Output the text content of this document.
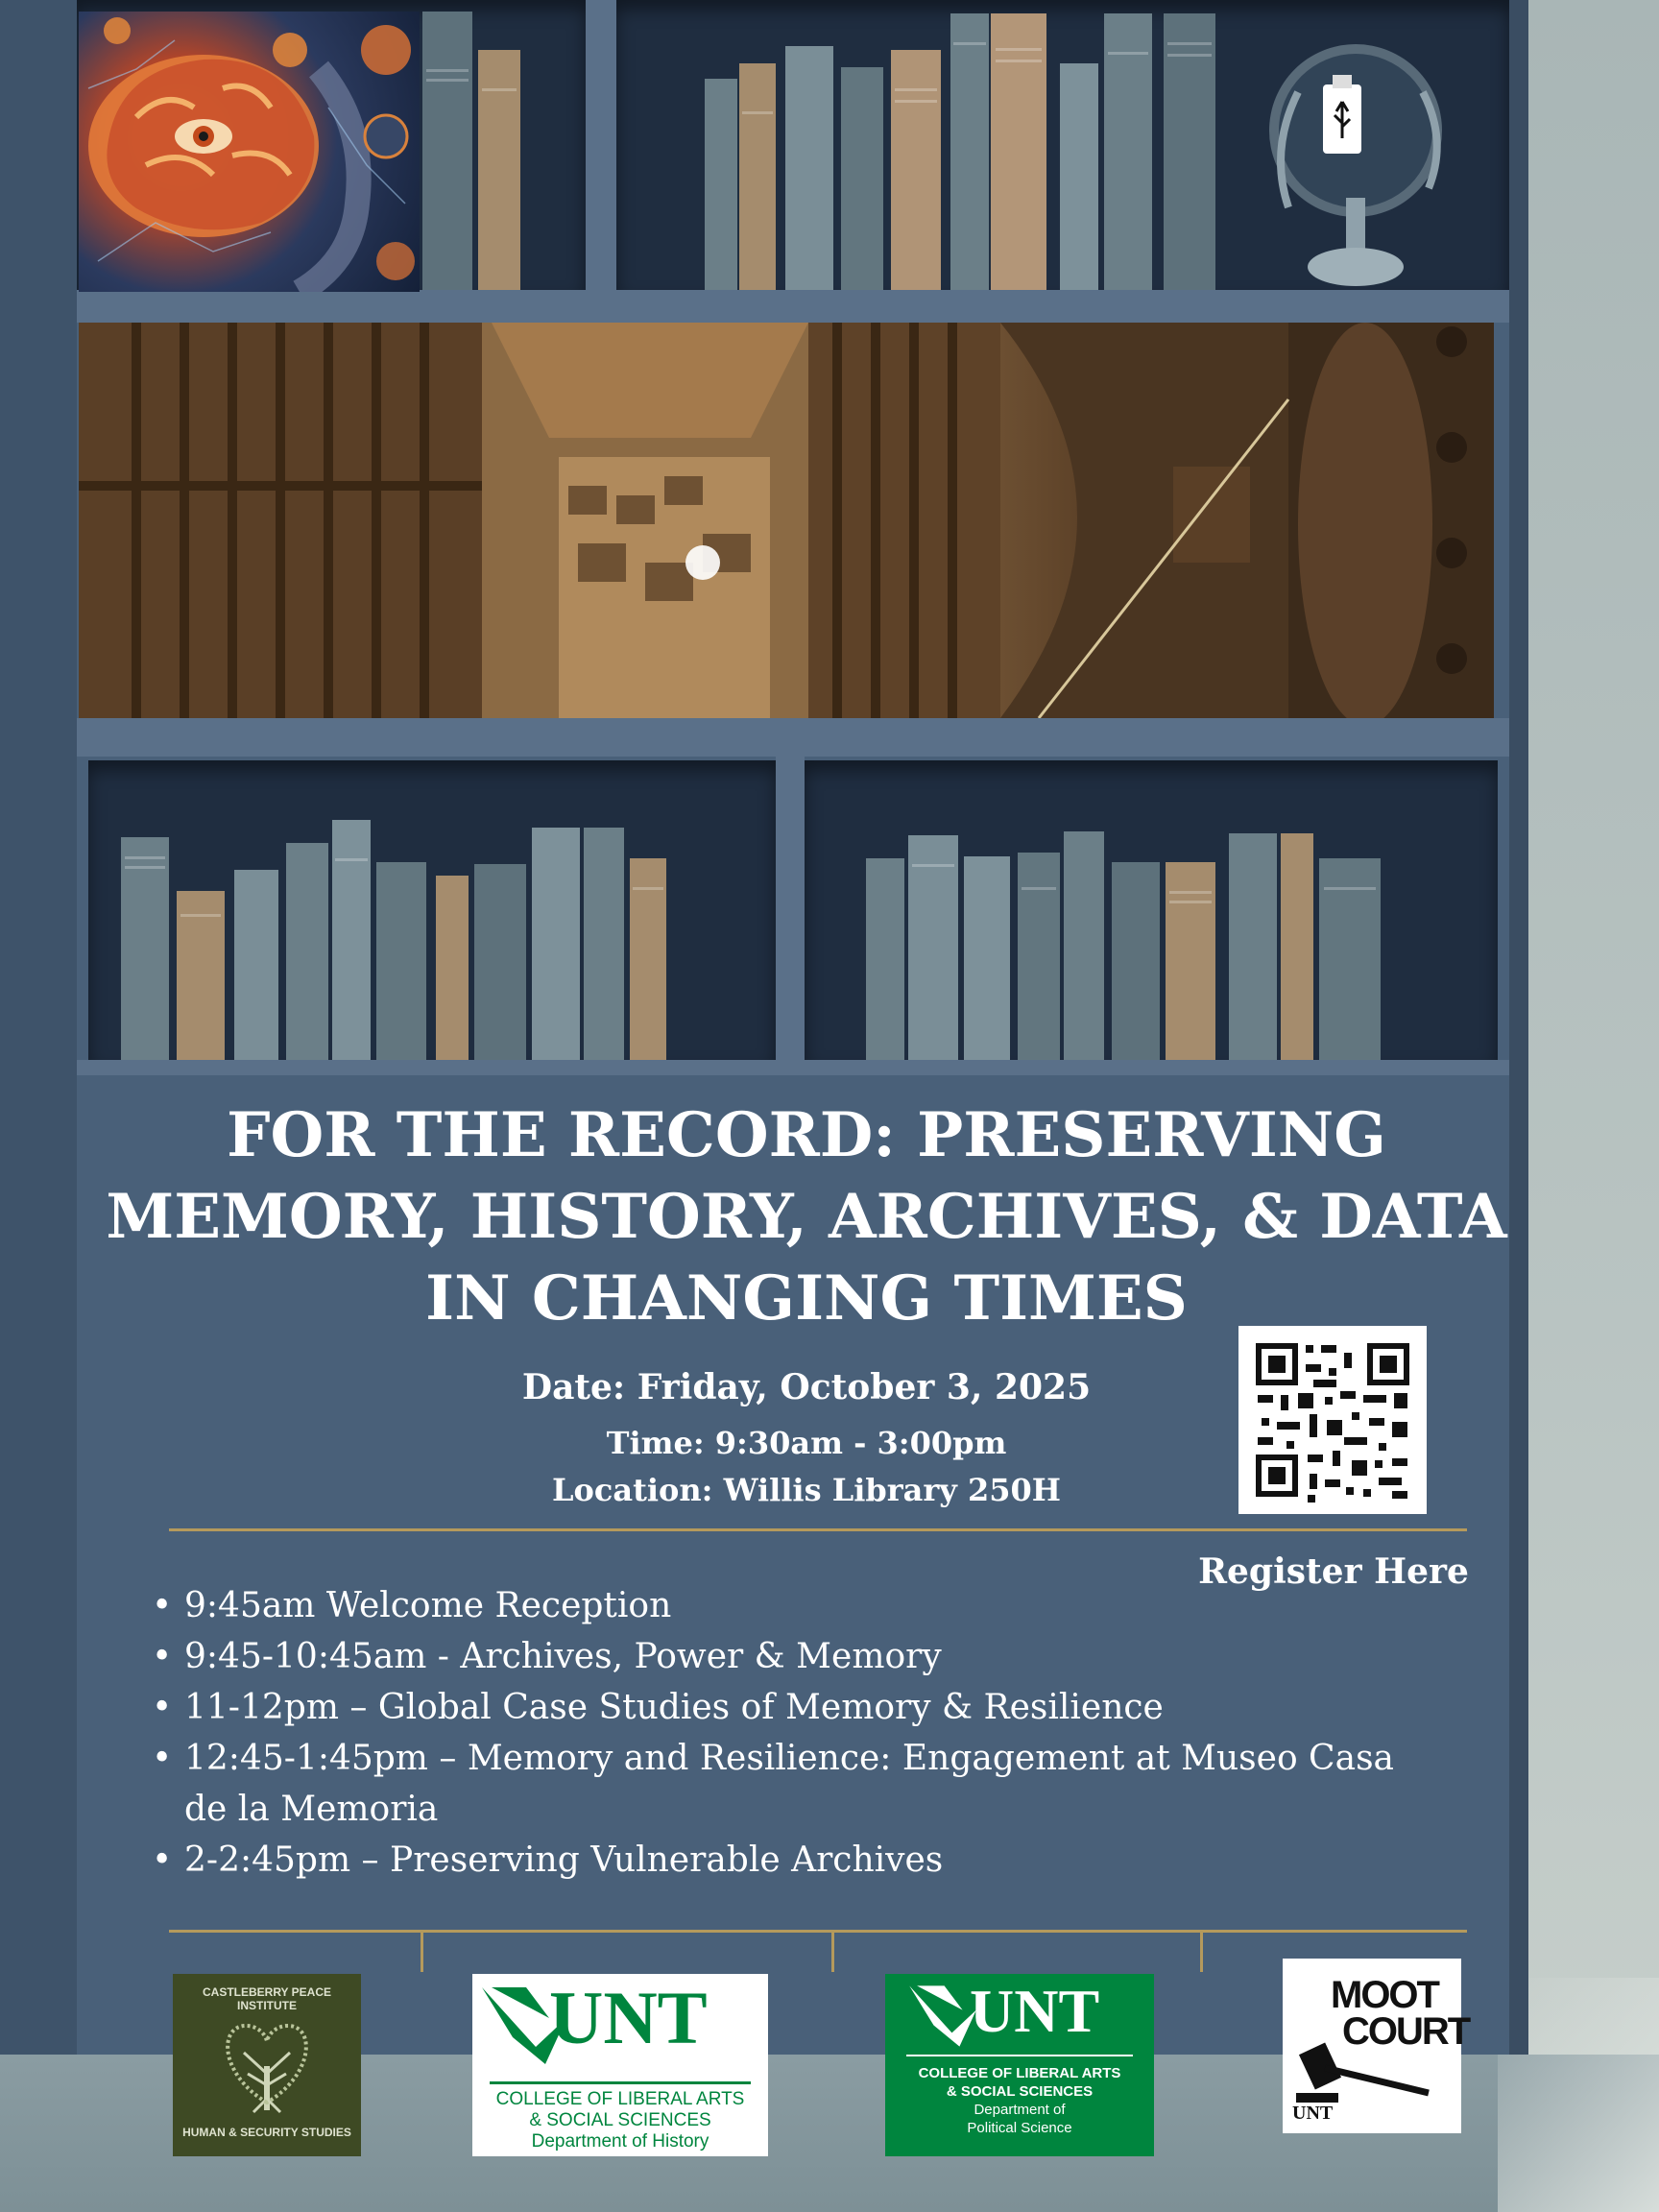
FOR THE RECORD: PRESERVING MEMORY, HISTORY, ARCHIVES, & DATA IN CHANGING TIMES
Date: Friday, October 3, 2025
Time: 9:30am - 3:00pm
Location: Willis Library 250H
Register Here
• 9:45am Welcome Reception
• 9:45-10:45am - Archives, Power & Memory
• 11-12pm – Global Case Studies of Memory & Resilience
• 12:45-1:45pm – Memory and Resilience: Engagement at Museo Casa de la Memoria
• 2-2:45pm – Preserving Vulnerable Archives
CASTLEBERRY PEACE INSTITUTE
HUMAN & SECURITY STUDIES
UNT
COLLEGE OF LIBERAL ARTS
& SOCIAL SCIENCES
Department of History
UNT
COLLEGE OF LIBERAL ARTS
& SOCIAL SCIENCES
Department of
Political Science
MOOT
COURT
UNT
